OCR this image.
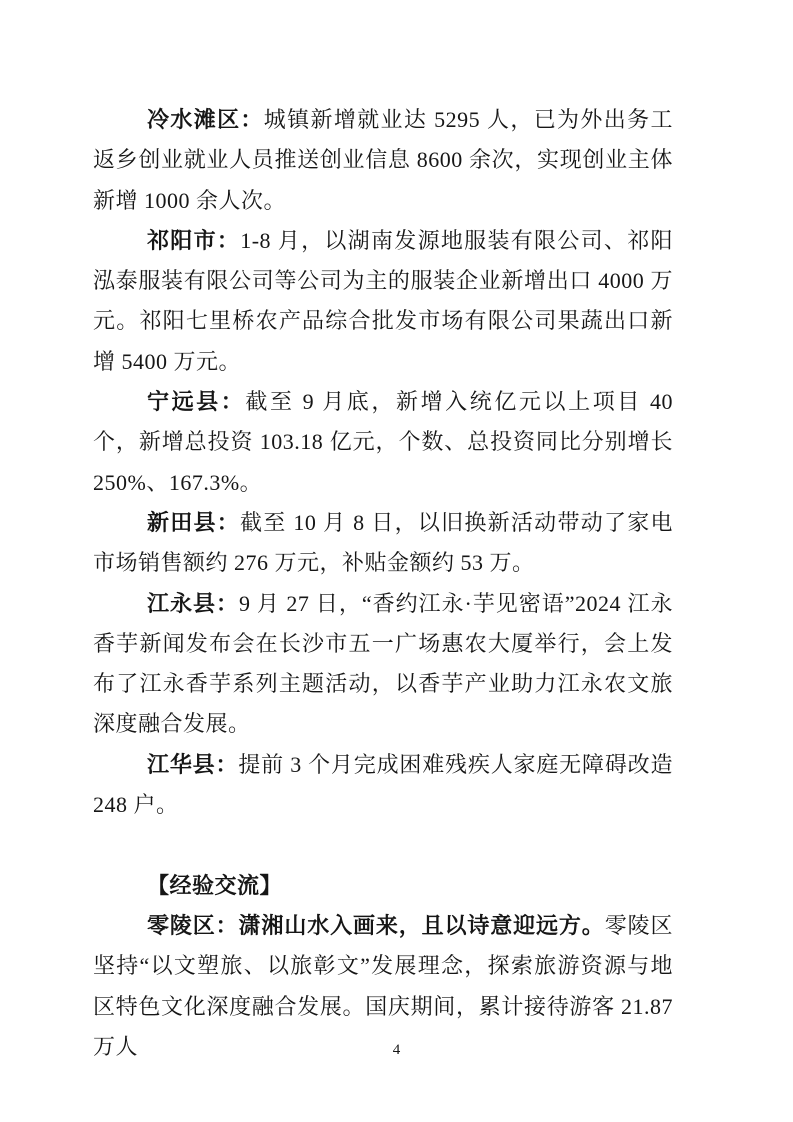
冷水滩区：城镇新增就业达 5295 人，已为外出务工返乡创业就业人员推送创业信息 8600 余次，实现创业主体新增 1000 余人次。

祁阳市：1-8 月，以湖南发源地服装有限公司、祁阳泓泰服装有限公司等公司为主的服装企业新增出口 4000 万元。祁阳七里桥农产品综合批发市场有限公司果蔬出口新增 5400 万元。

宁远县：截至 9 月底，新增入统亿元以上项目 40 个，新增总投资 103.18 亿元，个数、总投资同比分别增长 250%、167.3%。

新田县：截至 10 月 8 日，以旧换新活动带动了家电市场销售额约 276 万元，补贴金额约 53 万。

江永县：9 月 27 日，“香约江永·芋见密语”2024 江永香芋新闻发布会在长沙市五一广场惠农大厦举行，会上发布了江永香芋系列主题活动，以香芋产业助力江永农文旅深度融合发展。

江华县：提前 3 个月完成困难残疾人家庭无障碍改造 248 户。

【经验交流】

零陵区：潇湘山水入画来，且以诗意迎远方。零陵区坚持“以文塑旅、以旅彰文”发展理念，探索旅游资源与地区特色文化深度融合发展。国庆期间，累计接待游客 21.87 万人	4
